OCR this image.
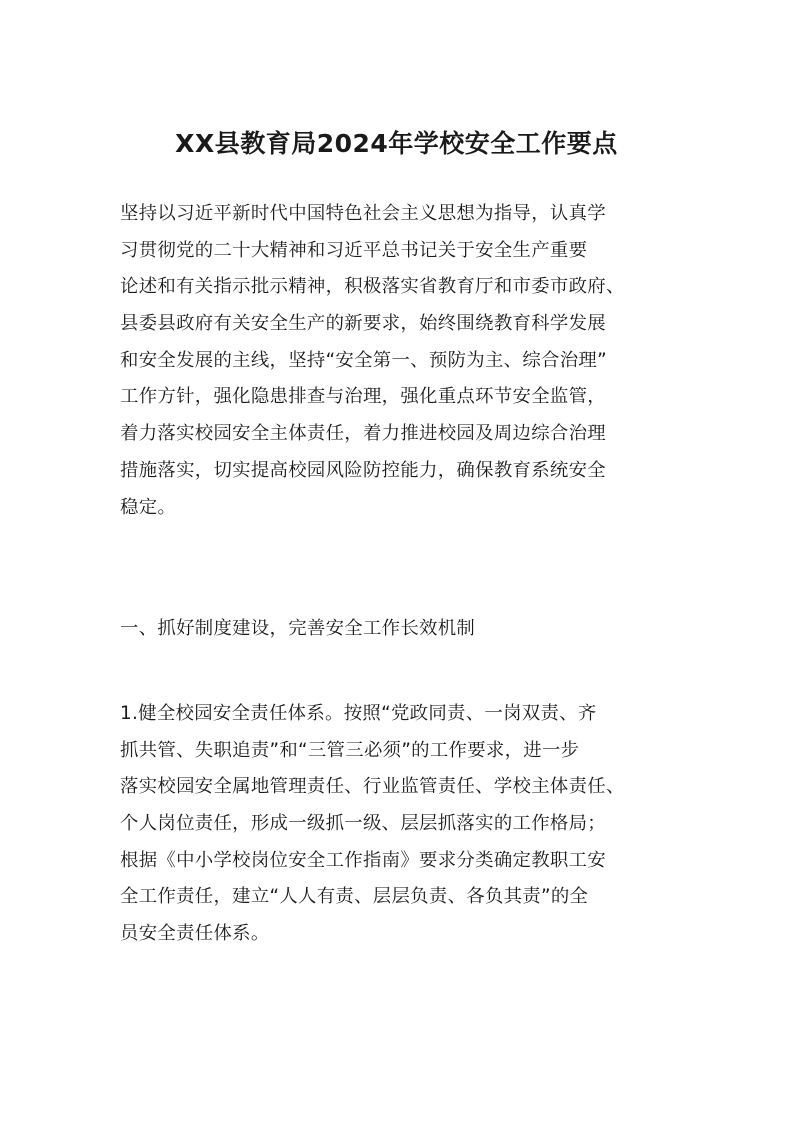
XX县教育局2024年学校安全工作要点
坚持以习近平新时代中国特色社会主义思想为指导，认真学
习贯彻党的二十大精神和习近平总书记关于安全生产重要
论述和有关指示批示精神，积极落实省教育厅和市委市政府、
县委县政府有关安全生产的新要求，始终围绕教育科学发展
和安全发展的主线，坚持“安全第一、预防为主、综合治理”
工作方针，强化隐患排查与治理，强化重点环节安全监管，
着力落实校园安全主体责任，着力推进校园及周边综合治理
措施落实，切实提高校园风险防控能力，确保教育系统安全
稳定。
一、抓好制度建设，完善安全工作长效机制
1.健全校园安全责任体系。按照“党政同责、一岗双责、齐
抓共管、失职追责”和“三管三必须”的工作要求，进一步
落实校园安全属地管理责任、行业监管责任、学校主体责任、
个人岗位责任，形成一级抓一级、层层抓落实的工作格局；
根据《中小学校岗位安全工作指南》要求分类确定教职工安
全工作责任，建立“人人有责、层层负责、各负其责”的全
员安全责任体系。
